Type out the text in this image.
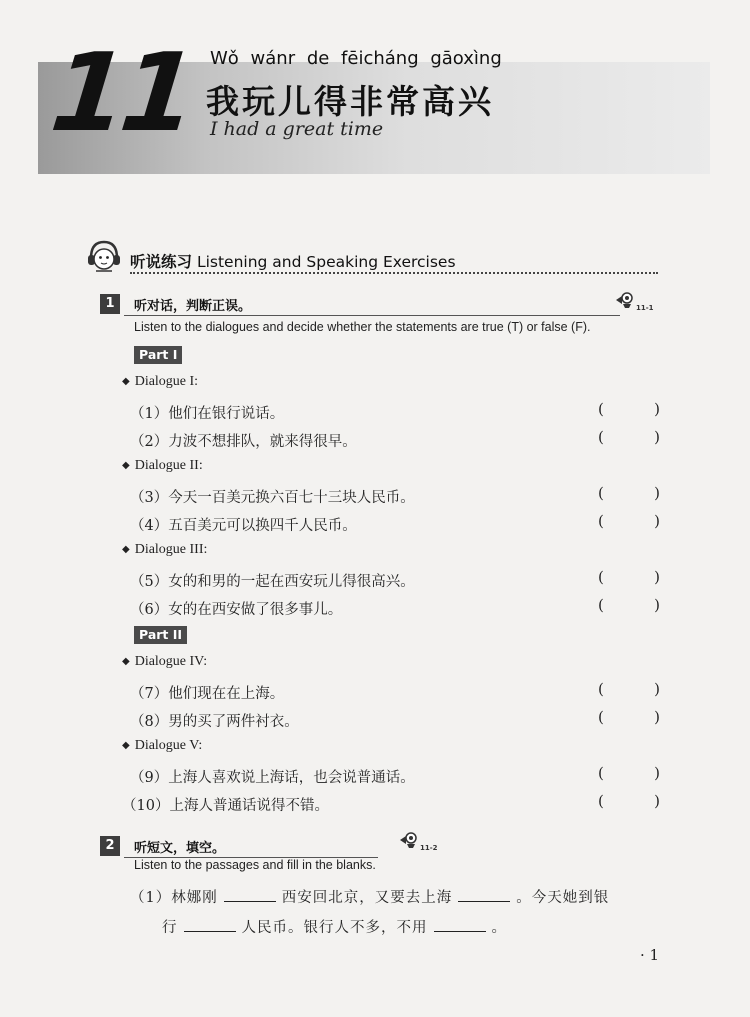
11 Wǒ wánr de fēicháng gāoxìng
我玩儿得非常高兴
I had a great time
听说练习 Listening and Speaking Exercises
1	听对话，判断正误。	11-1
Listen to the dialogues and decide whether the statements are true (T) or false (F).
Part I
◆ Dialogue I:
（1）他们在银行说话。	(	)
（2）力波不想排队，就来得很早。	(	)
◆ Dialogue II:
（3）今天一百美元换六百七十三块人民币。	(	)
（4）五百美元可以换四千人民币。	(	)
◆ Dialogue III:
（5）女的和男的一起在西安玩儿得很高兴。	(	)
（6）女的在西安做了很多事儿。	(	)
Part II
◆ Dialogue IV:
（7）他们现在在上海。	(	)
（8）男的买了两件衬衣。	(	)
◆ Dialogue V:
（9）上海人喜欢说上海话，也会说普通话。	(	)
（10）上海人普通话说得不错。	(	)
2	听短文，填空。	11-2
Listen to the passages and fill in the blanks.
（1）林娜刚	西安回北京，又要去上海	。今天她到银
行	人民币。银行人不多，不用	。
· 1
